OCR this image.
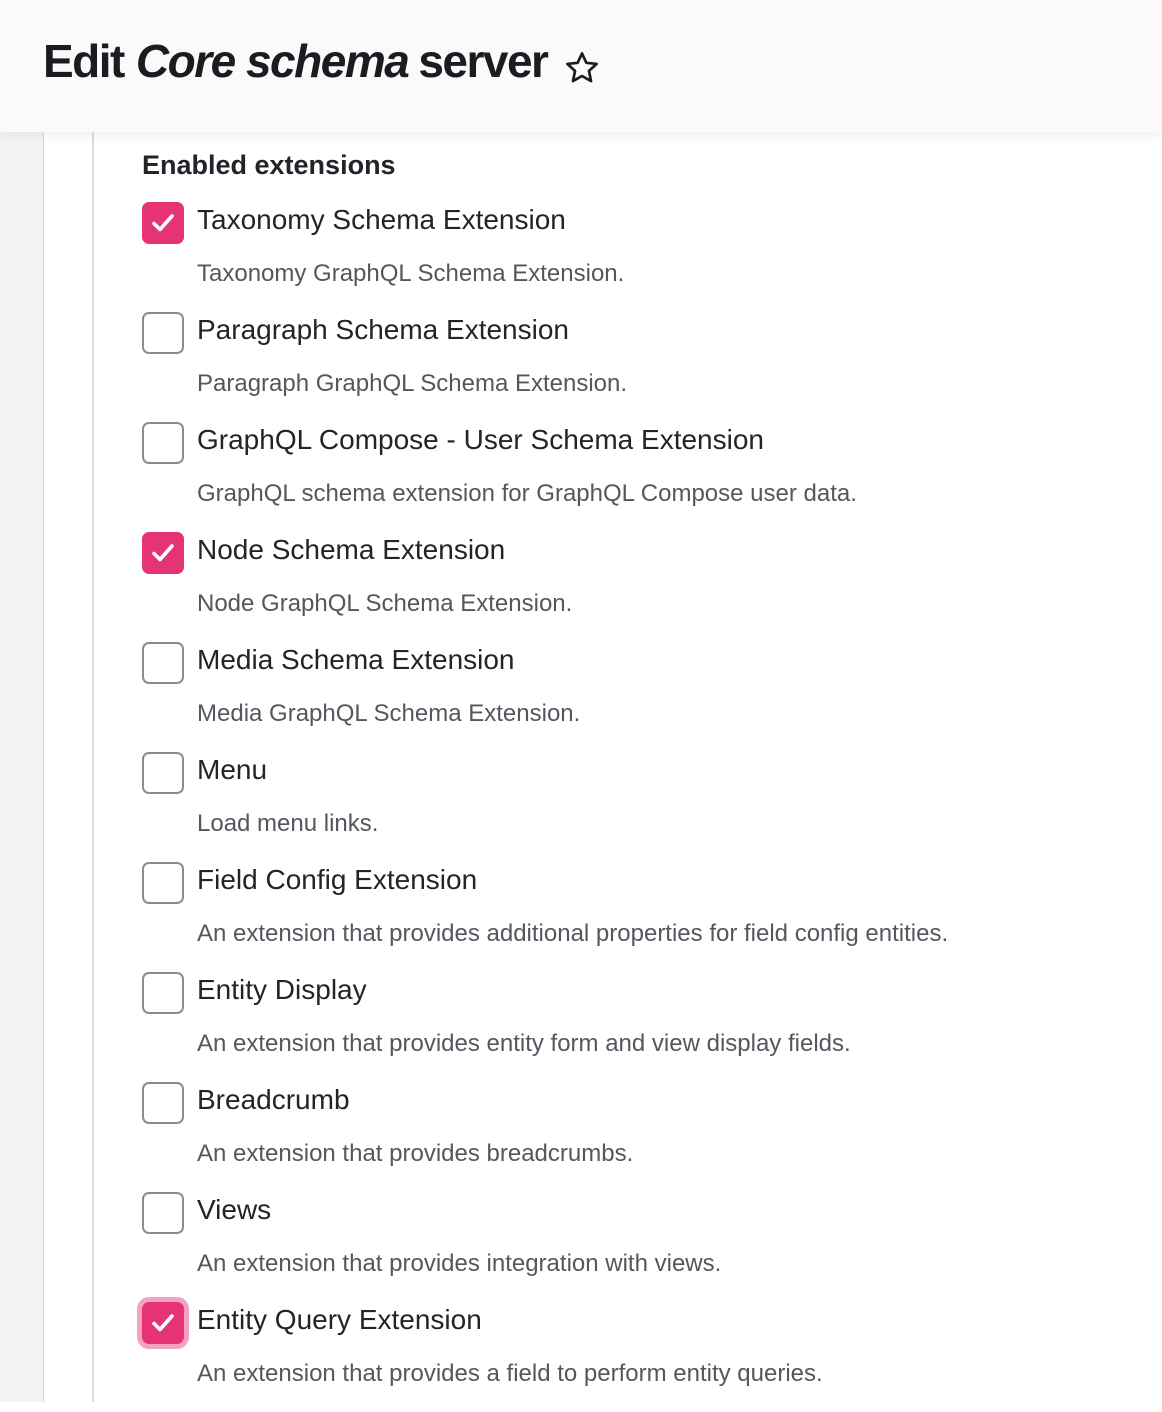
Edit Core schema server
Enabled extensions
Taxonomy Schema Extension
Taxonomy GraphQL Schema Extension.
Paragraph Schema Extension
Paragraph GraphQL Schema Extension.
GraphQL Compose - User Schema Extension
GraphQL schema extension for GraphQL Compose user data.
Node Schema Extension
Node GraphQL Schema Extension.
Media Schema Extension
Media GraphQL Schema Extension.
Menu
Load menu links.
Field Config Extension
An extension that provides additional properties for field config entities.
Entity Display
An extension that provides entity form and view display fields.
Breadcrumb
An extension that provides breadcrumbs.
Views
An extension that provides integration with views.
Entity Query Extension
An extension that provides a field to perform entity queries.
